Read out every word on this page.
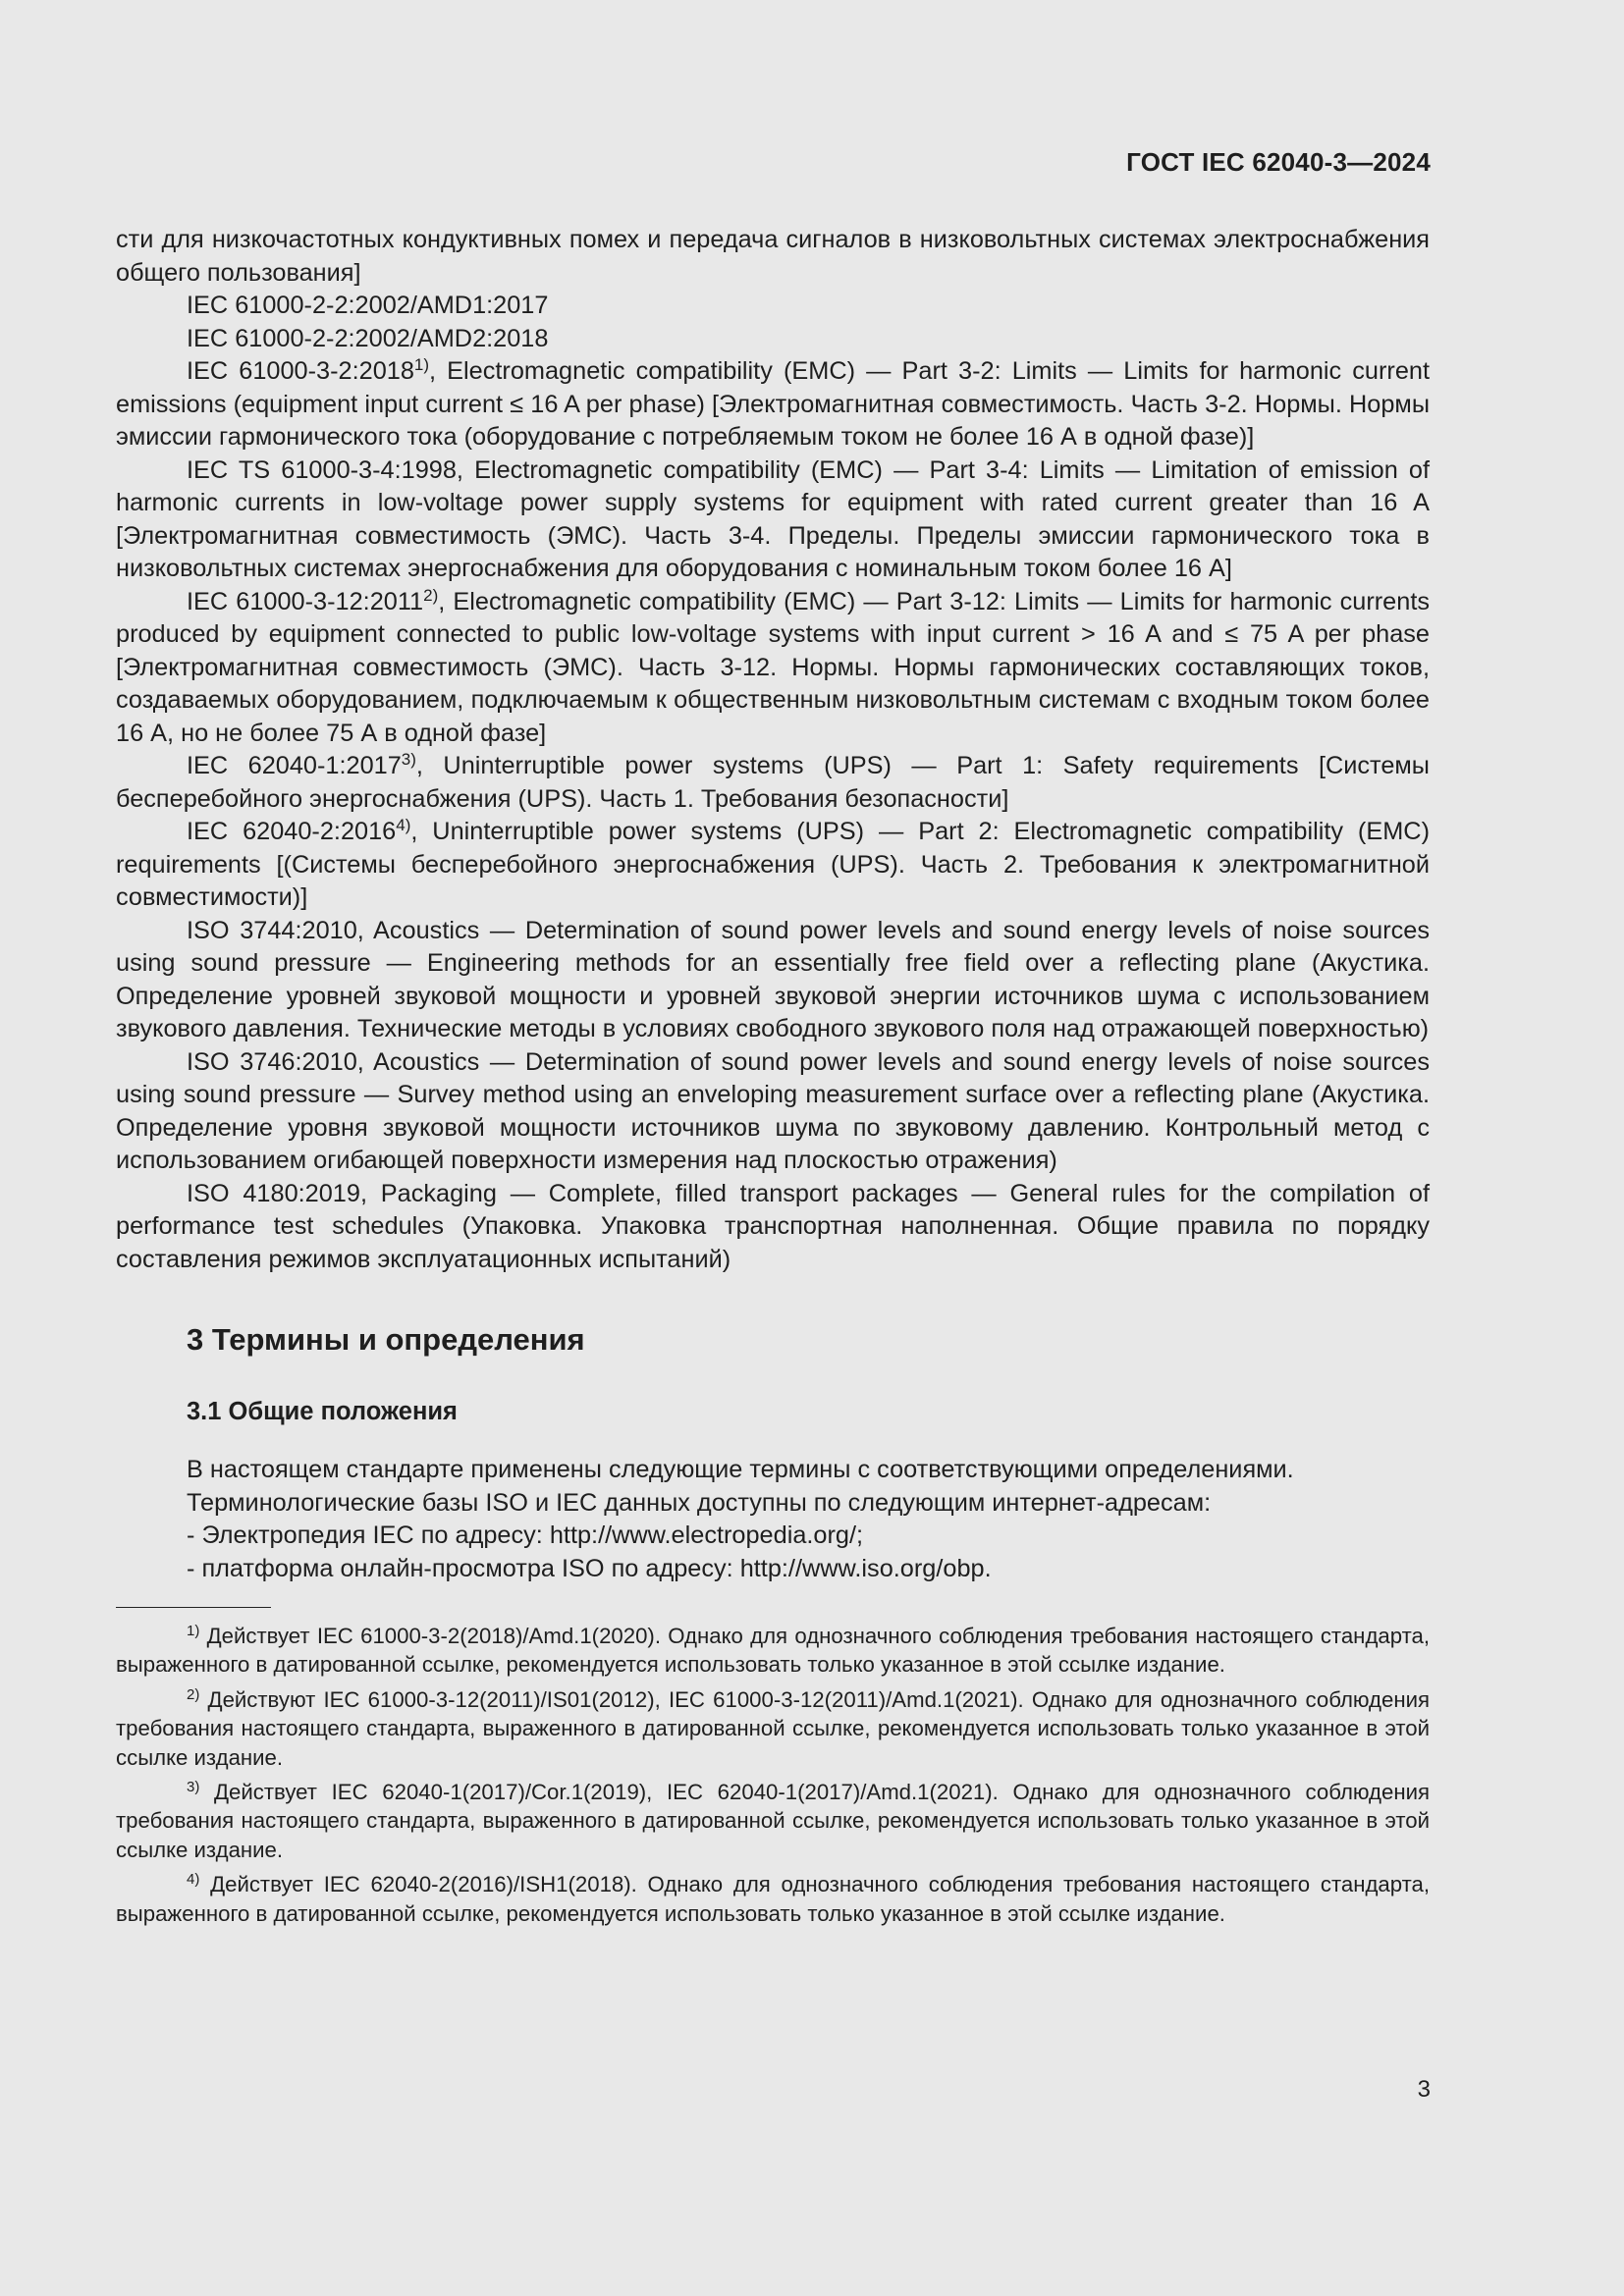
ГОСТ IEC 62040-3—2024

сти для низкочастотных кондуктивных помех и передача сигналов в низковольтных системах электроснабжения общего пользования]

IEC 61000-2-2:2002/AMD1:2017

IEC 61000-2-2:2002/AMD2:2018

IEC 61000-3-2:2018$^{1)}$, Electromagnetic compatibility (EMC) — Part 3-2: Limits — Limits for harmonic current emissions (equipment input current ≤ 16 A per phase) [Электромагнитная совместимость. Часть 3-2. Нормы. Нормы эмиссии гармонического тока (оборудование с потребляемым током не более 16 А в одной фазе)]

IEC TS 61000-3-4:1998, Electromagnetic compatibility (EMC) — Part 3-4: Limits — Limitation of emission of harmonic currents in low-voltage power supply systems for equipment with rated current greater than 16 A [Электромагнитная совместимость (ЭМС). Часть 3-4. Пределы. Пределы эмиссии гармонического тока в низковольтных системах энергоснабжения для оборудования с номинальным током более 16 А]

IEC 61000-3-12:2011$^{2)}$, Electromagnetic compatibility (EMC) — Part 3-12: Limits — Limits for harmonic currents produced by equipment connected to public low-voltage systems with input current > 16 A and ≤ 75 A per phase [Электромагнитная совместимость (ЭМС). Часть 3-12. Нормы. Нормы гармонических составляющих токов, создаваемых оборудованием, подключаемым к общественным низковольтным системам с входным током более 16 А, но не более 75 А в одной фазе]

IEC 62040-1:2017$^{3)}$, Uninterruptible power systems (UPS) — Part 1: Safety requirements [Системы бесперебойного энергоснабжения (UPS). Часть 1. Требования безопасности]

IEC 62040-2:2016$^{4)}$, Uninterruptible power systems (UPS) — Part 2: Electromagnetic compatibility (EMC) requirements [(Системы бесперебойного энергоснабжения (UPS). Часть 2. Требования к электромагнитной совместимости)]

ISO 3744:2010, Acoustics — Determination of sound power levels and sound energy levels of noise sources using sound pressure — Engineering methods for an essentially free field over a reflecting plane (Акустика. Определение уровней звуковой мощности и уровней звуковой энергии источников шума с использованием звукового давления. Технические методы в условиях свободного звукового поля над отражающей поверхностью)

ISO 3746:2010, Acoustics — Determination of sound power levels and sound energy levels of noise sources using sound pressure — Survey method using an enveloping measurement surface over a reflecting plane (Акустика. Определение уровня звуковой мощности источников шума по звуковому давлению. Контрольный метод с использованием огибающей поверхности измерения над плоскостью отражения)

ISO 4180:2019, Packaging — Complete, filled transport packages — General rules for the compilation of performance test schedules (Упаковка. Упаковка транспортная наполненная. Общие правила по порядку составления режимов эксплуатационных испытаний)

3 Термины и определения
3.1 Общие положения

В настоящем стандарте применены следующие термины с соответствующими определениями.

Терминологические базы ISO и IEC данных доступны по следующим интернет-адресам:

- Электропедия IEC по адресу: http://www.electropedia.org/;
- платформа онлайн-просмотра ISO по адресу: http://www.iso.org/obp.

$^{1)}$ Действует IEC 61000-3-2(2018)/Amd.1(2020). Однако для однозначного соблюдения требования настоящего стандарта, выраженного в датированной ссылке, рекомендуется использовать только указанное в этой ссылке издание.

$^{2)}$ Действуют IEC 61000-3-12(2011)/IS01(2012), IEC 61000-3-12(2011)/Amd.1(2021). Однако для однозначного соблюдения требования настоящего стандарта, выраженного в датированной ссылке, рекомендуется использовать только указанное в этой ссылке издание.

$^{3)}$ Действует IEC 62040-1(2017)/Cor.1(2019), IEC 62040-1(2017)/Amd.1(2021). Однако для однозначного соблюдения требования настоящего стандарта, выраженного в датированной ссылке, рекомендуется использовать только указанное в этой ссылке издание.

$^{4)}$ Действует IEC 62040-2(2016)/ISH1(2018). Однако для однозначного соблюдения требования настоящего стандарта, выраженного в датированной ссылке, рекомендуется использовать только указанное в этой ссылке издание.

3
